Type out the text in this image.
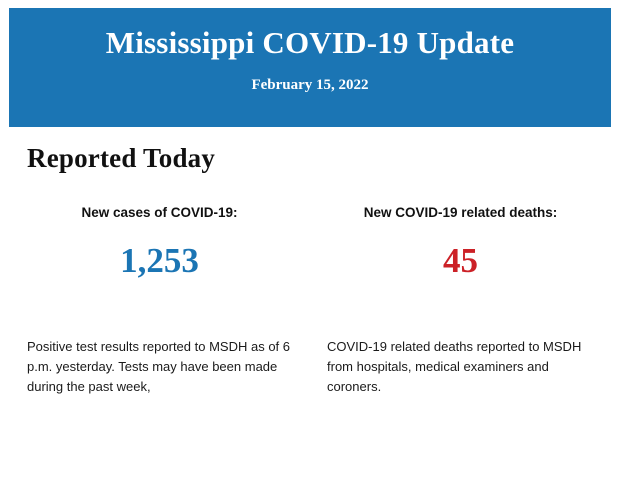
Mississippi COVID-19 Update
February 15, 2022
Reported Today
New cases of COVID-19:
1,253
New COVID-19 related deaths:
45
Positive test results reported to MSDH as of 6 p.m. yesterday. Tests may have been made during the past week,
COVID-19 related deaths reported to MSDH from hospitals, medical examiners and coroners.
